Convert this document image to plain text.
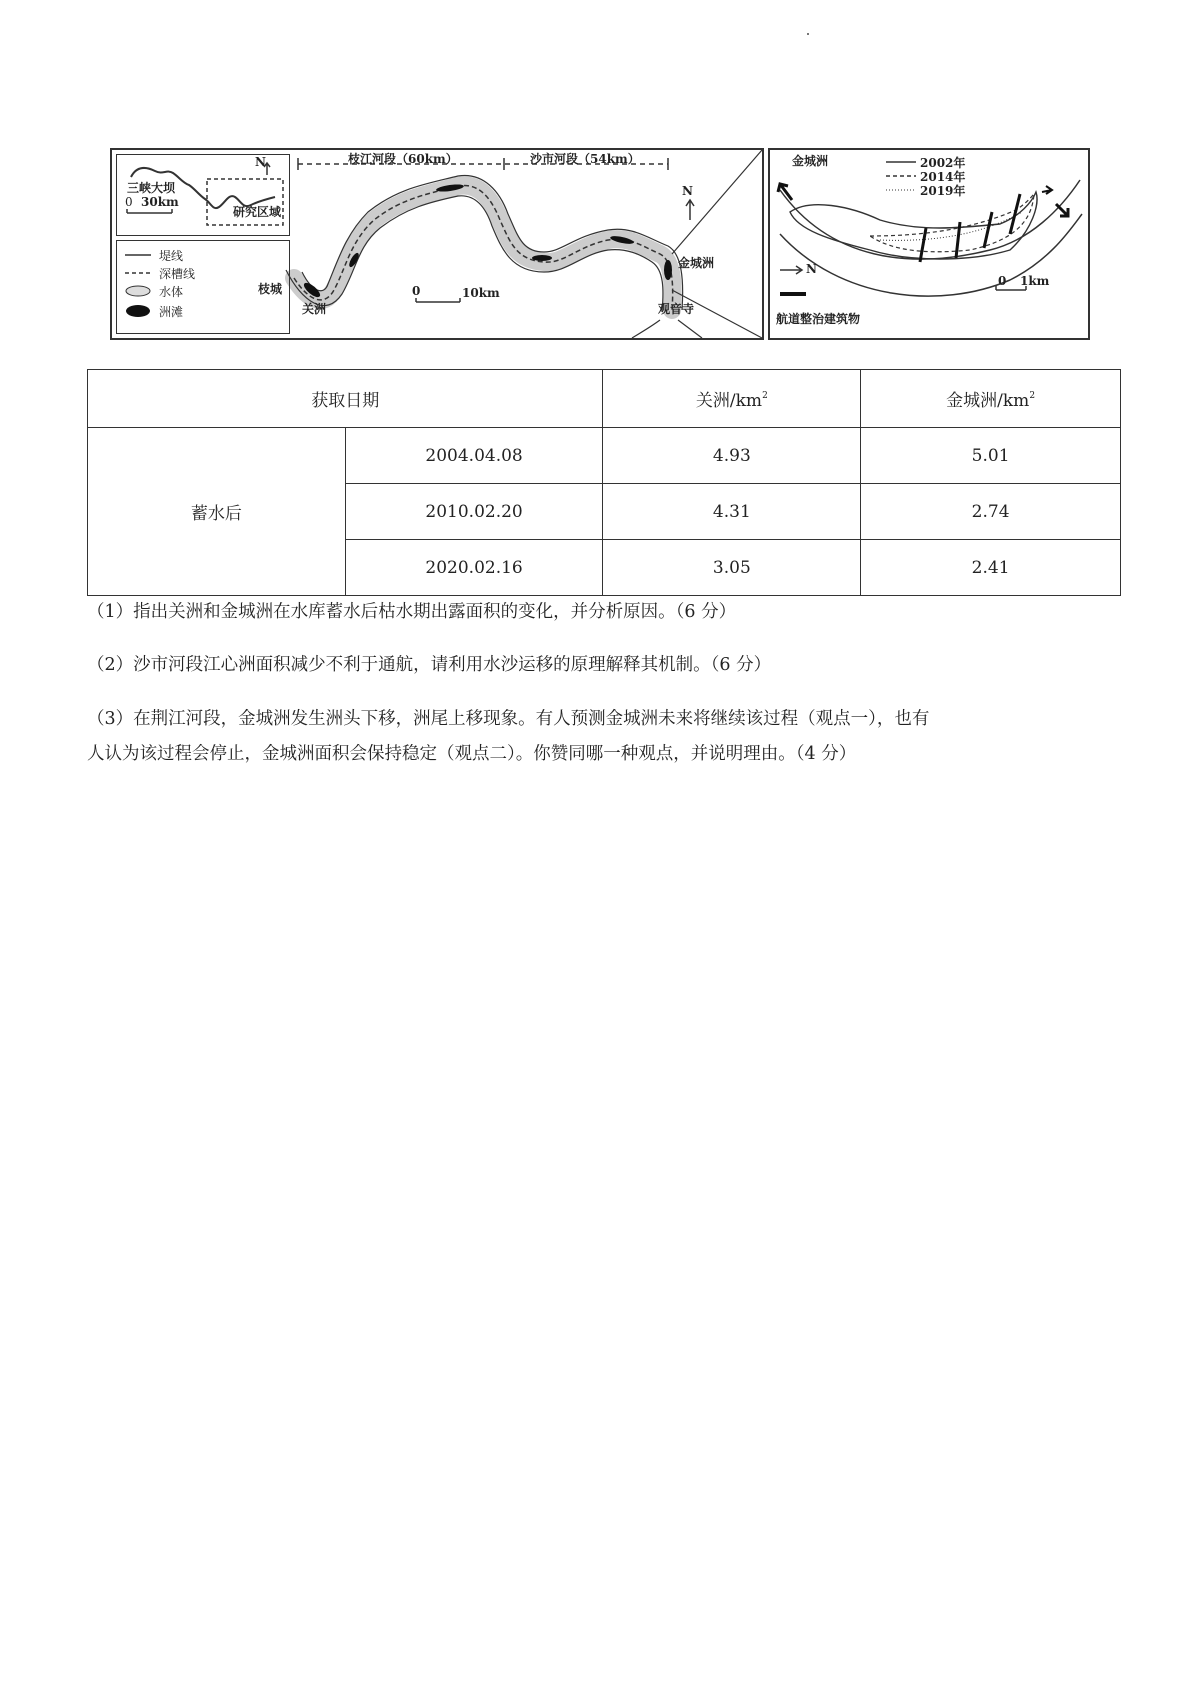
三峡大坝
0 30km
N
研究区域
堤线
深槽线
水体
洲滩
枝江河段（60km）	沙市河段（54km）
N
枝城
关洲
0	10km
金城洲
观音寺
金城洲	2002年
2014年
2019年
N
0 1km
航道整治建筑物
获取日期		关洲$/km^2$	金城洲$/km^2$
蓄水后	2004.04.08	4.93	5.01
	2010.02.20	4.31	2.74
	2020.02.16	3.05	2.41
（1）指出关洲和金城洲在水库蓄水后枯水期出露面积的变化，并分析原因。（6 分）
（2）沙市河段江心洲面积减少不利于通航，请利用水沙运移的原理解释其机制。（6 分）
（3）在荆江河段，金城洲发生洲头下移，洲尾上移现象。有人预测金城洲未来将继续该过程（观点一），也有
人认为该过程会停止，金城洲面积会保持稳定（观点二）。你赞同哪一种观点，并说明理由。（4 分）
